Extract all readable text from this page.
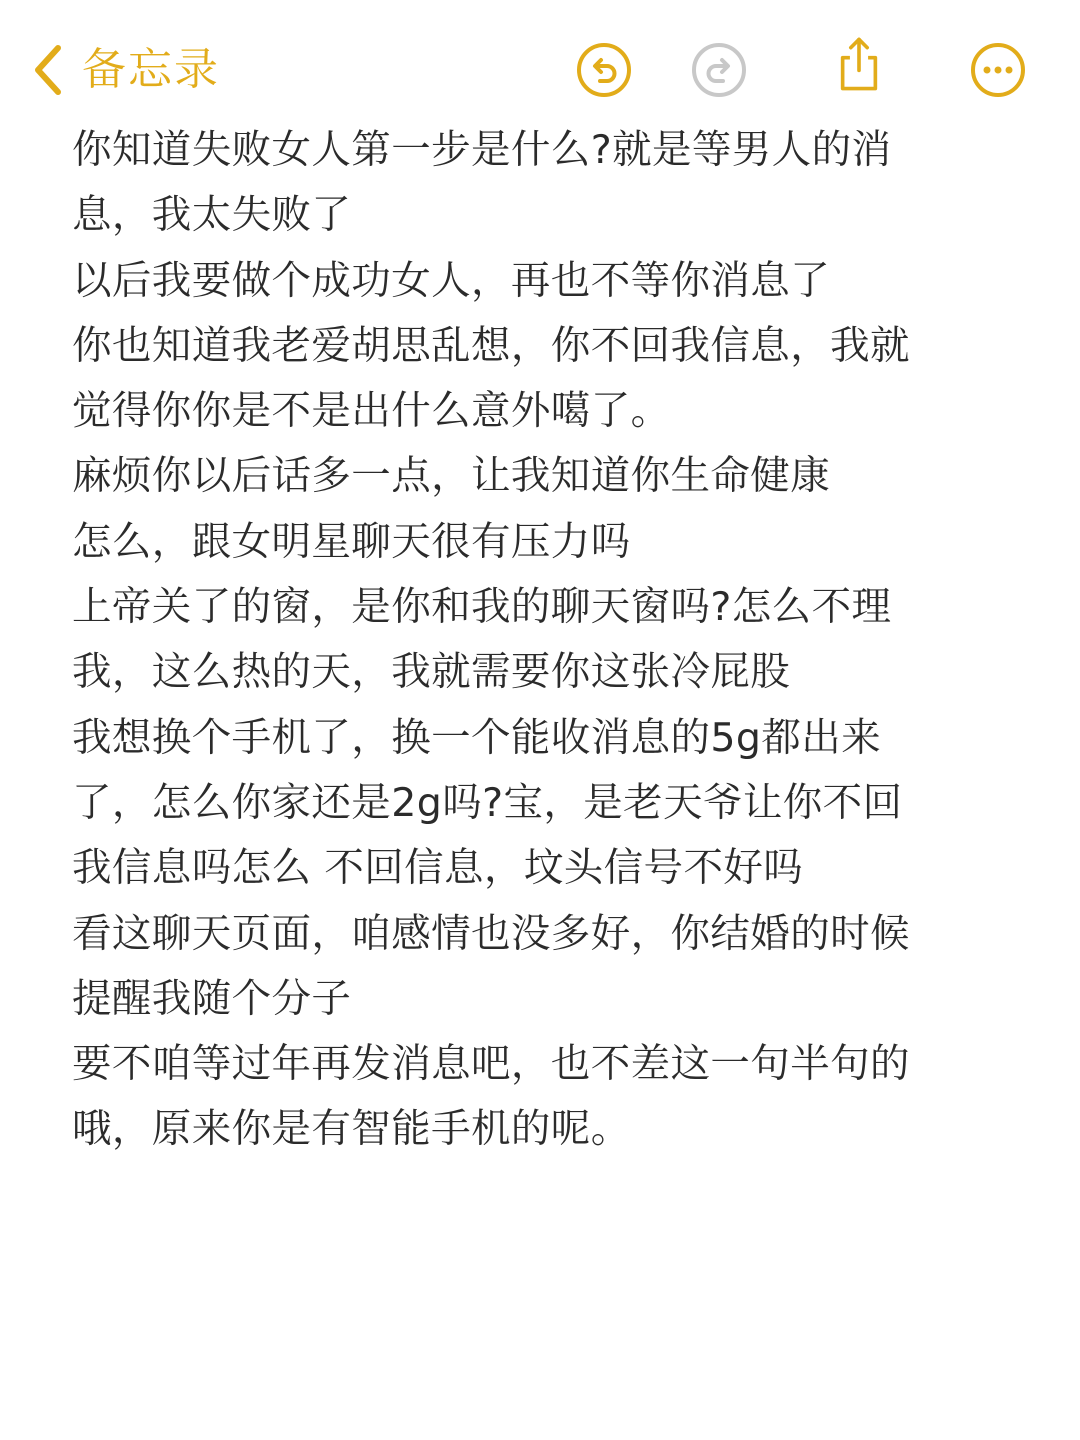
备忘录
你知道失败女人第一步是什么?就是等男人的消
息，我太失败了
以后我要做个成功女人，再也不等你消息了
你也知道我老爱胡思乱想，你不回我信息，我就
觉得你你是不是出什么意外噶了。
麻烦你以后话多一点，让我知道你生命健康
怎么，跟女明星聊天很有压力吗
上帝关了的窗，是你和我的聊天窗吗?怎么不理
我，这么热的天，我就需要你这张冷屁股
我想换个手机了，换一个能收消息的5g都出来
了，怎么你家还是2g吗?宝，是老天爷让你不回
我信息吗怎么 不回信息，坟头信号不好吗
看这聊天页面，咱感情也没多好，你结婚的时候
提醒我随个分子
要不咱等过年再发消息吧，也不差这一句半句的
哦，原来你是有智能手机的呢。
